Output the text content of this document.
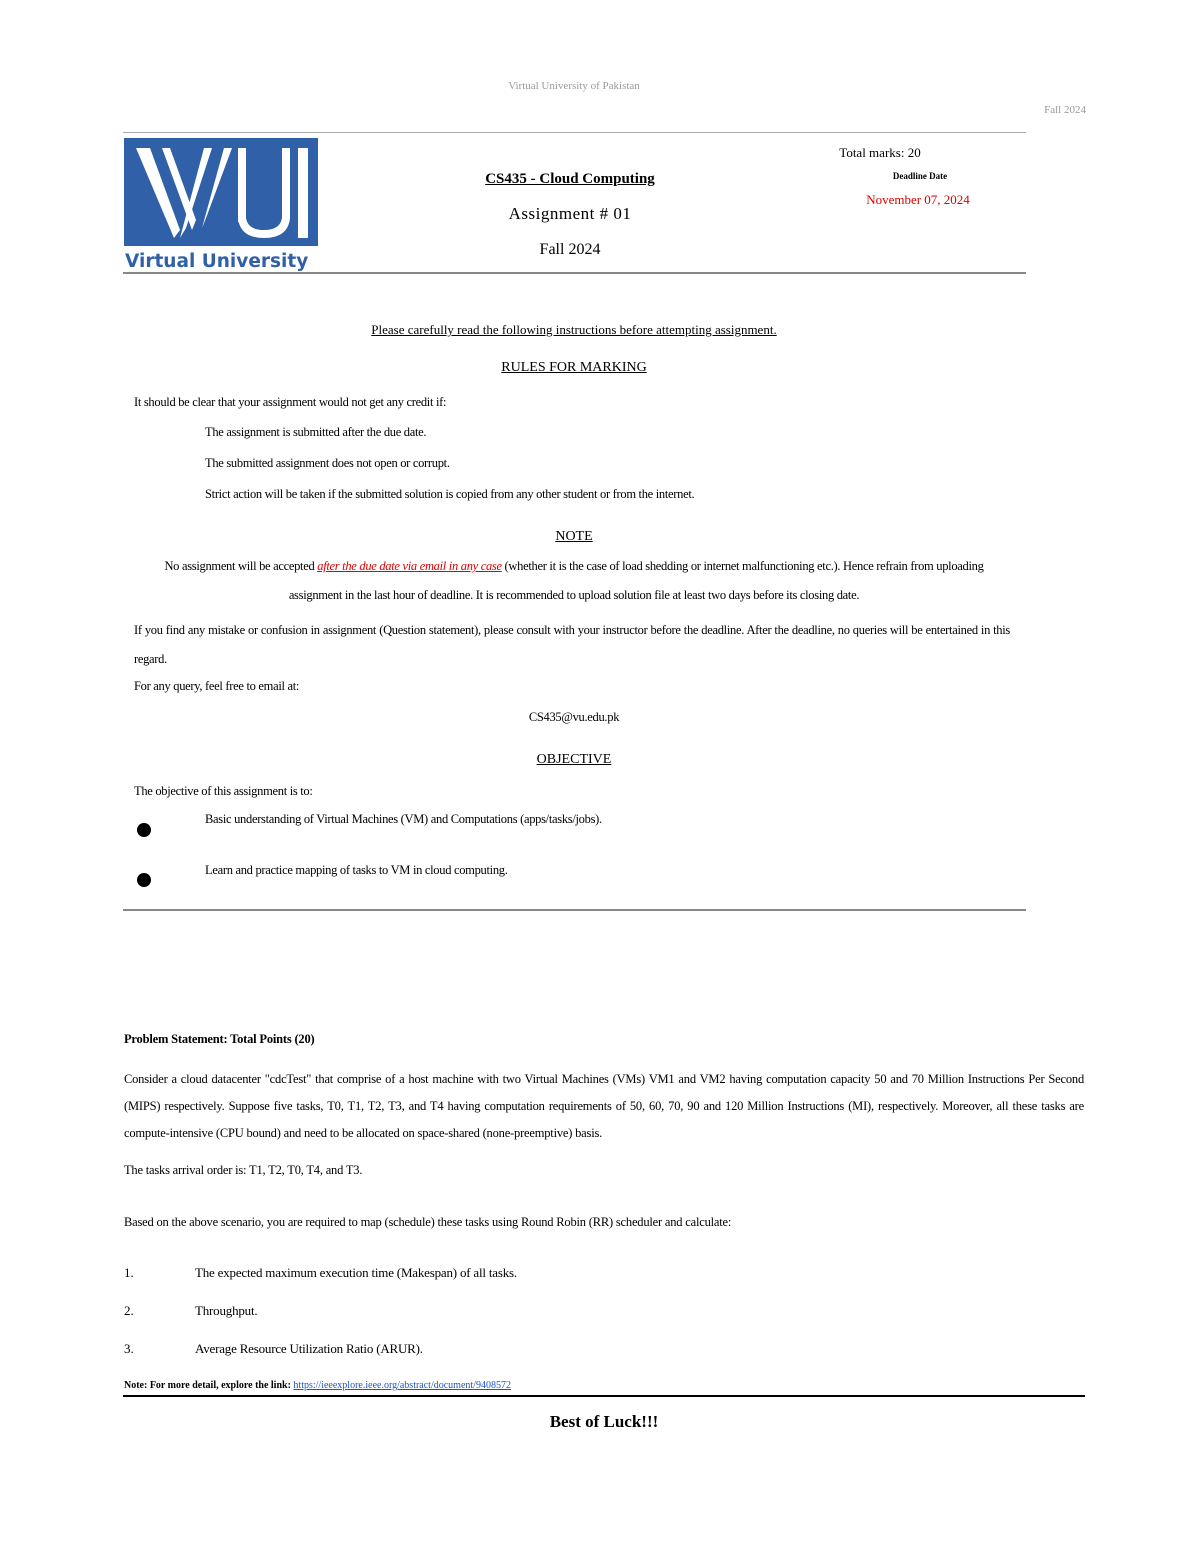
Virtual University of Pakistan
Fall 2024
Virtual University
CS435 - Cloud Computing
Assignment # 01
Fall 2024
Total marks: 20
Deadline Date
November 07, 2024
Please carefully read the following instructions before attempting assignment.
RULES FOR MARKING
It should be clear that your assignment would not get any credit if:
The assignment is submitted after the due date.
The submitted assignment does not open or corrupt.
Strict action will be taken if the submitted solution is copied from any other student or from the internet.
NOTE
No assignment will be accepted after the due date via email in any case (whether it is the case of load shedding or internet malfunctioning etc.). Hence refrain from uploading
assignment in the last hour of deadline. It is recommended to upload solution file at least two days before its closing date.
If you find any mistake or confusion in assignment (Question statement), please consult with your instructor before the deadline. After the deadline, no queries will be entertained in this regard.
For any query, feel free to email at:
CS435@vu.edu.pk
OBJECTIVE
The objective of this assignment is to:
Basic understanding of Virtual Machines (VM) and Computations (apps/tasks/jobs).
Learn and practice mapping of tasks to VM in cloud computing.
Problem Statement: Total Points (20)
Consider a cloud datacenter "cdcTest" that comprise of a host machine with two Virtual Machines (VMs) VM1 and VM2 having computation capacity 50 and 70 Million Instructions Per Second (MIPS) respectively. Suppose five tasks, T0, T1, T2, T3, and T4 having computation requirements of 50, 60, 70, 90 and 120 Million Instructions (MI), respectively. Moreover, all these tasks are compute-intensive (CPU bound) and need to be allocated on space-shared (none-preemptive) basis.
The tasks arrival order is: T1, T2, T0, T4, and T3.
Based on the above scenario, you are required to map (schedule) these tasks using Round Robin (RR) scheduler and calculate:
1.	The expected maximum execution time (Makespan) of all tasks.
2.	Throughput.
3.	Average Resource Utilization Ratio (ARUR).
Note: For more detail, explore the link: https://ieeexplore.ieee.org/abstract/document/9408572
Best of Luck!!!
